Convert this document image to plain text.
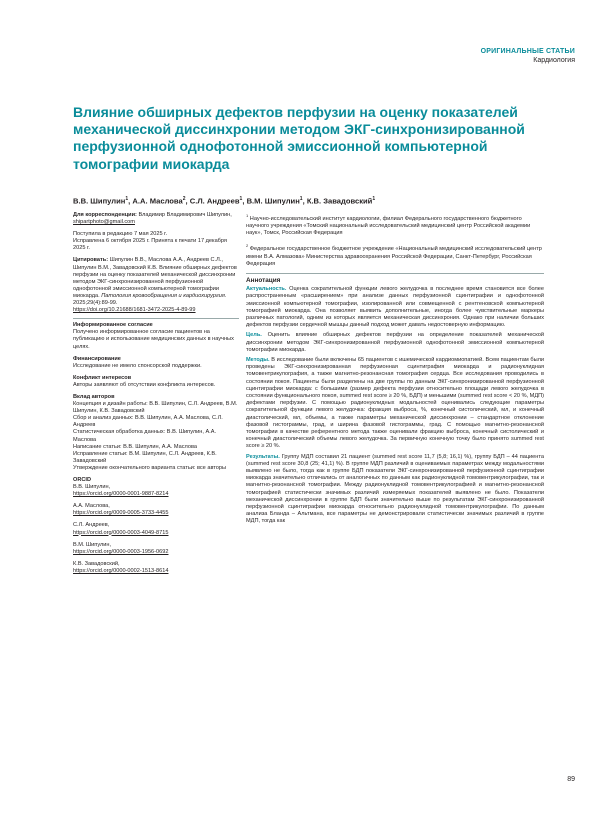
ОРИГИНАЛЬНЫЕ СТАТЬИ
Кардиология
Влияние обширных дефектов перфузии на оценку показателей механической диссинхронии методом ЭКГ-синхронизированной перфузионной однофотонной эмиссионной компьютерной томографии миокарда
В.В. Шипулин$^1$, А.А. Маслова$^2$, С.Л. Андреев$^1$, В.М. Шипулин$^1$, К.В. Завадовский$^1$

Для корреспонденции: Владимир Владимирович Шипулин, shipartphoto@gmail.com

Поступила в редакцию 7 мая 2025 г.

Исправлена 6 октября 2025 г. Принята к печати 17 декабря 2025 г.

Цитировать: Шипулин В.В., Маслова А.А., Андреев С.Л., Шипулин В.М., Завадовский К.В. Влияние обширных дефектов перфузии на оценку показателей механической диссинхронии методом ЭКГ-синхронизированной перфузионной однофотонной эмиссионной компьютерной томографии миокарда. Патология кровообращения и кардиохирургия. 2025;29(4):89-99.
https://doi.org/10.21688/1681-3472-2025-4-89-99

Информированное согласие

Получено информированное согласие пациентов на публикацию и использование медицинских данных в научных целях.

Финансирование

Исследование не имело спонсорской поддержки.

Конфликт интересов

Авторы заявляют об отсутствии конфликта интересов.

Вклад авторов

Концепция и дизайн работы: В.В. Шипулин, С.Л. Андреев, В.М. Шипулин, К.В. Завадовский

Сбор и анализ данных: В.В. Шипулин, А.А. Маслова, С.Л. Андреев

Статистическая обработка данных: В.В. Шипулин, А.А. Маслова

Написание статьи: В.В. Шипулин, А.А. Маслова

Исправление статьи: В.М. Шипулин, С.Л. Андреев, К.В. Завадовский

Утверждение окончательного варианта статьи: все авторы

ORCID

В.В. Шипулин,

https://orcid.org/0000-0001-9887-8214

А.А. Маслова,

https://orcid.org/0009-0005-3733-4455

С.Л. Андреев,

https://orcid.org/0000-0003-4049-8715

В.М. Шипулин,

https://orcid.org/0000-0003-1956-0692

К.В. Завадовский,

https://orcid.org/0000-0002-1513-8614

$^1$ Научно-исследовательский институт кардиологии, филиал Федерального государственного бюджетного научного учреждения «Томский национальный исследовательский медицинский центр Российской академии наук», Томск, Российская Федерация

$^2$ Федеральное государственное бюджетное учреждение «Национальный медицинский исследовательский центр имени В.А. Алмазова» Министерства здравоохранения Российской Федерации, Санкт-Петербург, Российская Федерация

Аннотация

Актуальность. Оценка сократительной функции левого желудочка в последнее время становится все более распространенным «расширением» при анализе данных перфузионной сцинтиграфии и однофотонной эмиссионной компьютерной томографии, изолированной или совмещенной с рентгеновской компьютерной томографией миокарда. Она позволяет выявить дополнительные, иногда более чувствительные маркеры различных патологий, одним из которых является механическая диссинхрония. Однако при наличии больших дефектов перфузии сердечной мышцы данный подход может давать недостоверную информацию.

Цель. Оценить влияние обширных дефектов перфузии на определение показателей механической диссинхронии методом ЭКГ-синхронизированной перфузионной однофотонной эмиссионной компьютерной томографии миокарда.

Методы. В исследование были включены 65 пациентов с ишемической кардиомиопатией. Всем пациентам были проведены ЭКГ-синхронизированная перфузионная сцинтиграфия миокарда и радионуклидная томовентрикулография, а также магнитно-резонансная томография сердца. Все исследования проводились в состоянии покоя. Пациенты были разделены на две группы по данным ЭКГ-синхронизированной перфузионной сцинтиграфии миокарда: с большими (размер дефекта перфузии относительно площади левого желудочка в состоянии функционального покоя, summed rest score ≥ 20 %, БДП) и меньшими (summed rest score < 20 %, МДП) дефектами перфузии. С помощью радионуклидных модальностей оценивались следующие параметры сократительной функции левого желудочка: фракция выброса, %, конечный систолический, мл, и конечный диастолический, мл, объемы, а также параметры механической диссинхронии – стандартное отклонение фазовой гистограммы, град, и ширина фазовой гистограммы, град. С помощью магнитно-резонансной томографии в качестве референтного метода также оценивали фракцию выброса, конечный систолический и конечный диастолический объемы левого желудочка. За первичную конечную точку было принято summed rest score ≥ 20 %.

Результаты. Группу МДП составил 21 пациент (summed rest score 11,7 (5,8; 16,1) %), группу БДП – 44 пациента (summed rest score 30,8 (25; 41,1) %). В группе МДП различий в оцениваемых параметрах между модальностями выявлено не было, тогда как в группе БДП показатели ЭКГ-синхронизированной перфузионной сцинтиграфии миокарда значительно отличались от аналогичных по данным как радионуклидной томовентрикулографии, так и магнитно-резонансной томографии. Между радионуклидной томовентрикулографией и магнитно-резонансной томографией статистически значимых различий измеряемых показателей выявлено не было. Показатели механической диссинхронии в группе БДП были значительно выше по результатам ЭКГ-синхронизированной перфузионной сцинтиграфии миокарда относительно радионуклидной томовентрикулографии. По данным анализа Бланда – Альтмана, все параметры не демонстрировали статистически значимых различий в группе МДП, тогда как

89
